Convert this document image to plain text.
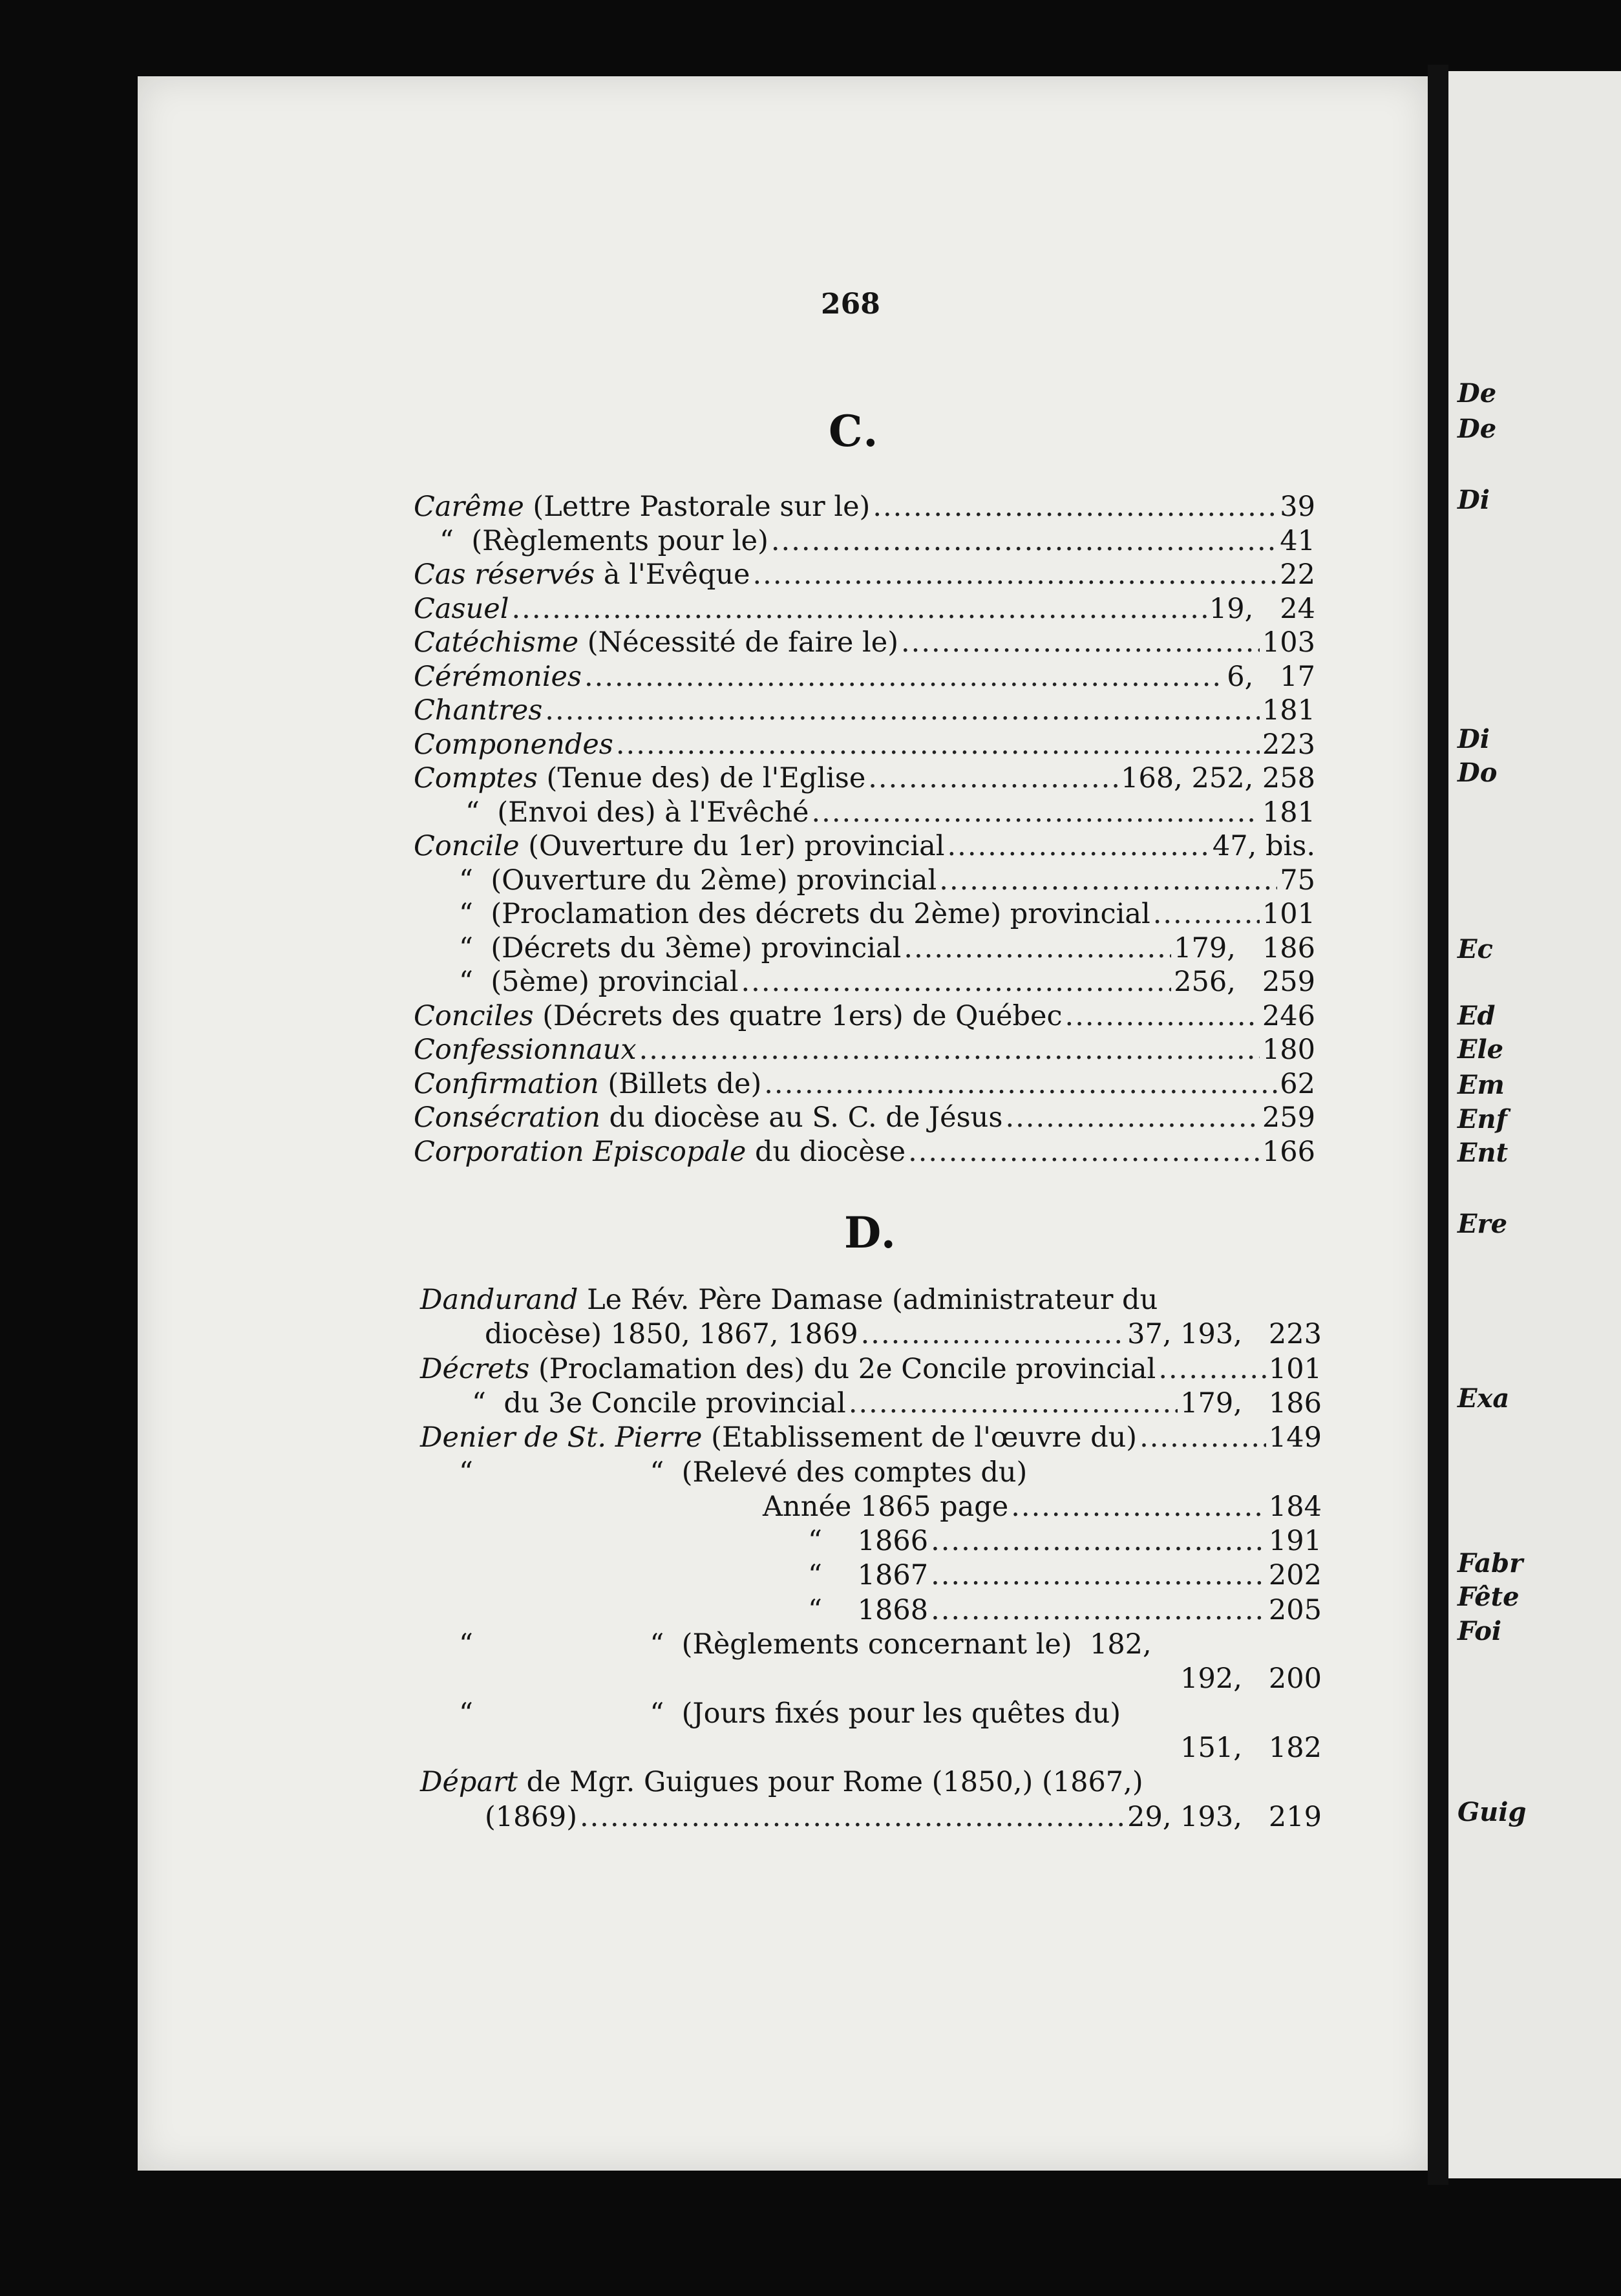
De
De
Di
Di
Do
Ec
Ed
Ele
Em
Enf
Ent
Ere
Exa
Fabr
Fête
Foi
Guig
268
C.
Carême (Lettre Pastorale sur le) .....	39
“  (Règlements pour le) .....	41
Cas réservés à l'Evêque .....	22
Casuel .....	19,   24
Catéchisme (Nécessité de faire le) .....	103
Cérémonies .....	6,   17
Chantres .....	181
Componendes .....	223
Comptes (Tenue des) de l'Eglise .....	168, 252, 258
“  (Envoi des) à l'Evêché .....	181
Concile (Ouverture du 1er) provincial .....	47, bis.
“  (Ouverture du 2ème) provincial .....	75
“  (Proclamation des décrets du 2ème) provincial .....	101
“  (Décrets du 3ème) provincial .....	179,   186
“  (5ème) provincial .....	256,   259
Conciles (Décrets des quatre 1ers) de Québec .....	246
Confessionnaux .....	180
Confirmation (Billets de) .....	62
Consécration du diocèse au S. C. de Jésus .....	259
Corporation Episcopale du diocèse .....	166
D.
Dandurand Le Rév. Père Damase (administrateur du
diocèse) 1850, 1867, 1869 .....	37, 193,   223
Décrets (Proclamation des) du 2e Concile provincial .....	101
“  du 3e Concile provincial .....	179,   186
Denier de St. Pierre (Etablissement de l'œuvre du) .....	149
“                    “  (Relevé des comptes du)
Année 1865 page .....	184
“    1866 .....	191
“    1867 .....	202
“    1868 .....	205
“                    “  (Règlements concernant le)  182,
192,   200
“                    “  (Jours fixés pour les quêtes du)
151,   182
Départ de Mgr. Guigues pour Rome (1850,) (1867,)
(1869) .....	29, 193,   219
